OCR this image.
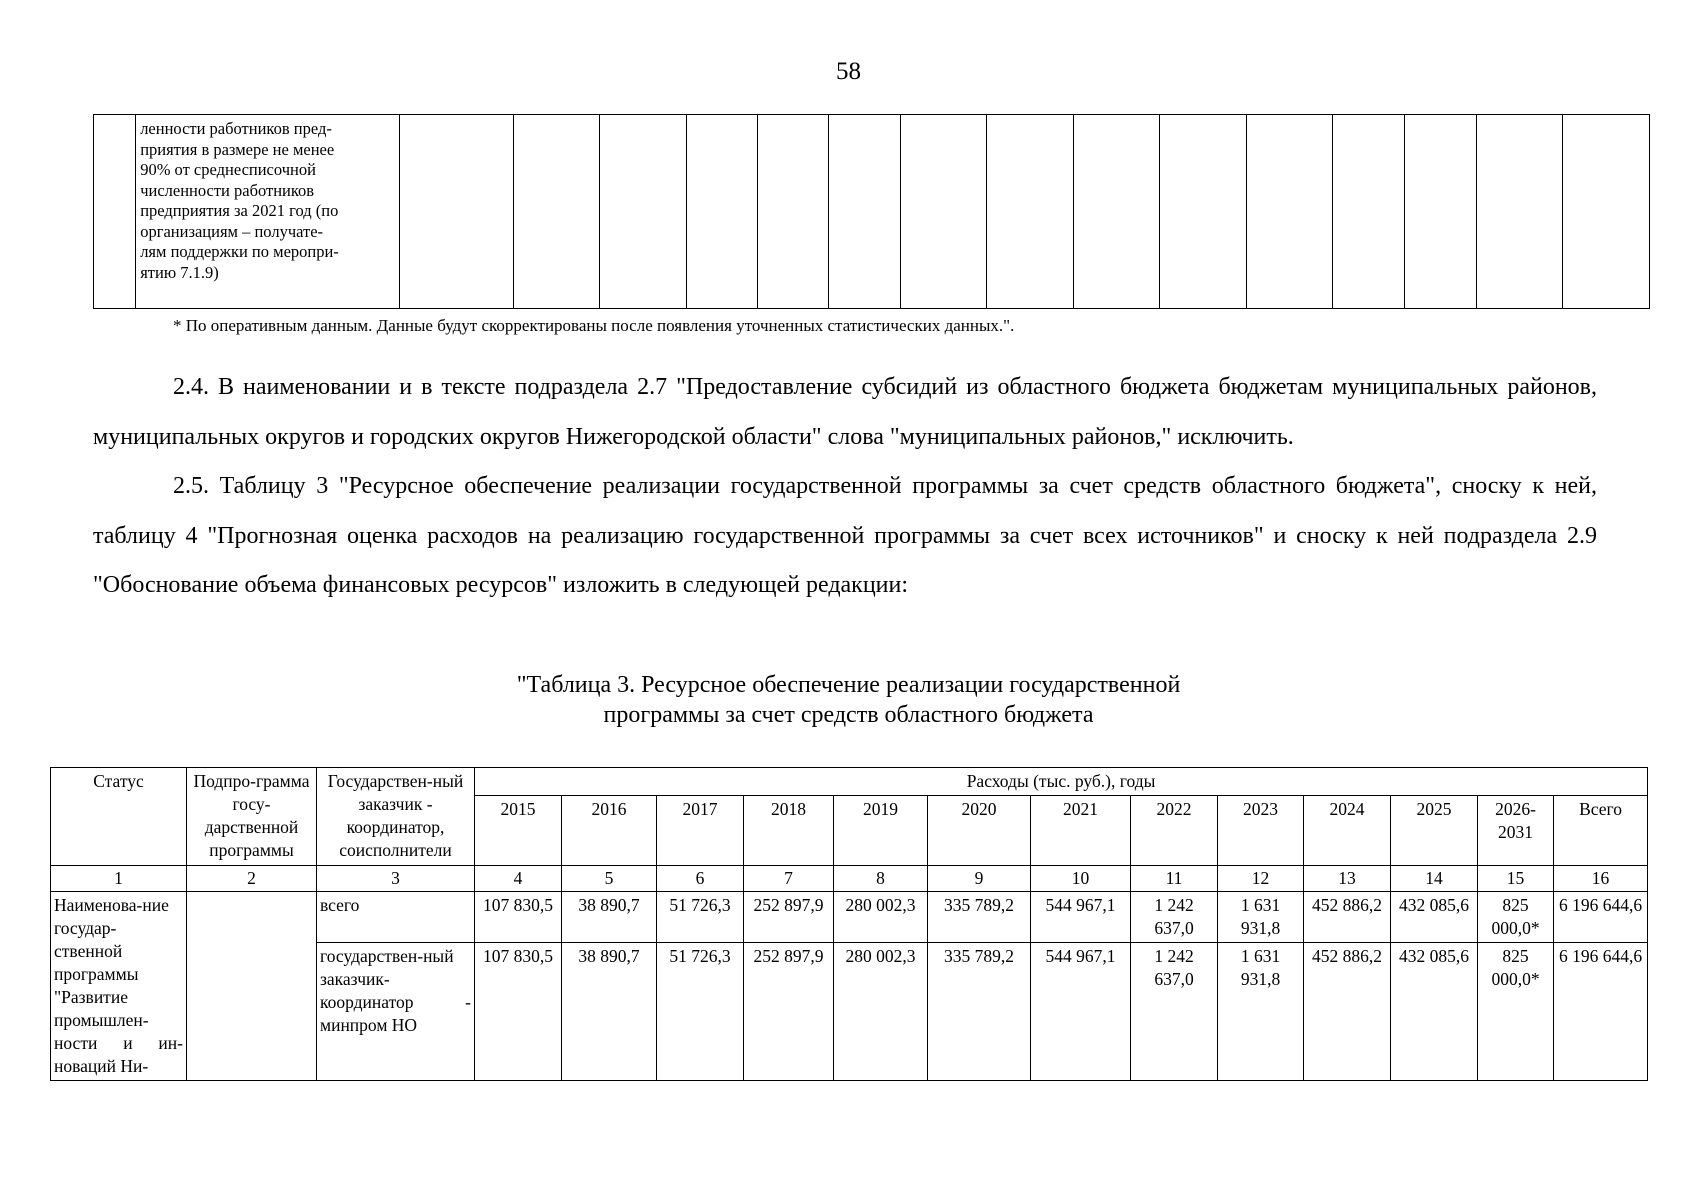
58

ленности работников пред-
приятия в размере не менее
90% от среднесписочной
численности работников
предприятия за 2021 год (по
организациям – получате-
лям поддержки по меропри-
ятию 7.1.9)

* По оперативным данным. Данные будут скорректированы после появления уточненных статистических данных.".

2.4. В наименовании и в тексте подраздела 2.7 "Предоставление субсидий из областного бюджета бюджетам муниципальных районов, муниципальных округов и городских округов Нижегородской области" слова "муниципальных районов," исключить.

2.5. Таблицу 3 "Ресурсное обеспечение реализации государственной программы за счет средств областного бюджета", сноску к ней, таблицу 4 "Прогнозная оценка расходов на реализацию государственной программы за счет всех источников" и сноску к ней подраздела 2.9 "Обоснование объема финансовых ресурсов" изложить в следующей редакции:

"Таблица 3. Ресурсное обеспечение реализации государственной
программы за счет средств областного бюджета
Статус	Подпро-грамма госу-дарственной программы	Государствен-ный заказчик - координатор, соисполнители	Расходы (тыс. руб.), годы												
			2015	2016	2017	2018	2019	2020	2021	2022	2023	2024	2025	2026-2031	Всего
1	2	3	4	5	6	7	8	9	10	11	12	13	14	15	16
Наименова-ние государ-ственной программы "Развитие промышлен-ности и ин-новаций Ни-		всего	107 830,5	38 890,7	51 726,3	252 897,9	280 002,3	335 789,2	544 967,1	1 242 637,0	1 631 931,8	452 886,2	432 085,6	825 000,0*	6 196 644,6
		государствен-ный заказчик-координатор - минпром НО	107 830,5	38 890,7	51 726,3	252 897,9	280 002,3	335 789,2	544 967,1	1 242 637,0	1 631 931,8	452 886,2	432 085,6	825 000,0*	6 196 644,6
